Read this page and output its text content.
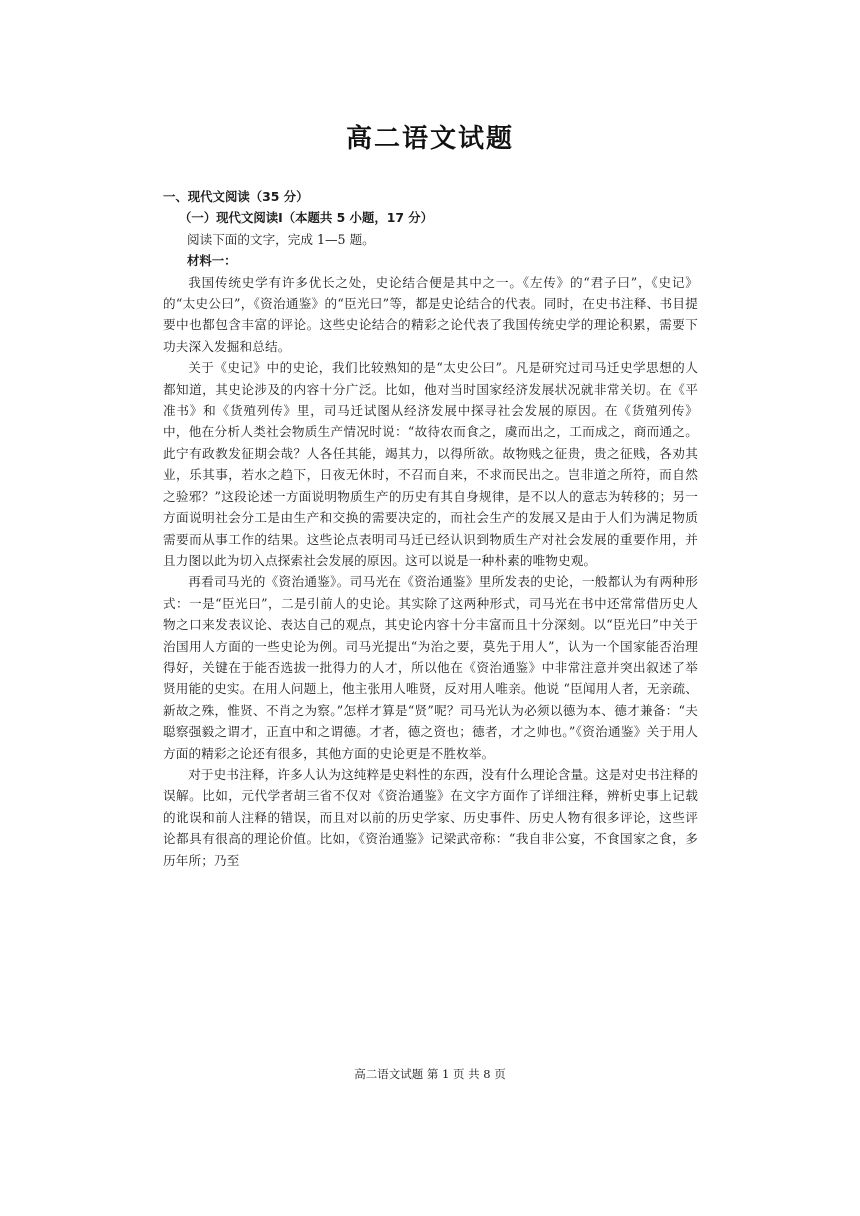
高二语文试题

一、现代文阅读（35 分）

（一）现代文阅读Ⅰ（本题共 5 小题，17 分）

阅读下面的文字，完成 1—5 题。

材料一：

我国传统史学有许多优长之处，史论结合便是其中之一。《左传》的“君子曰”，《史记》的“太史公曰”，《资治通鉴》的“臣光曰”等，都是史论结合的代表。同时，在史书注释、书目提要中也都包含丰富的评论。这些史论结合的精彩之论代表了我国传统史学的理论积累，需要下功夫深入发掘和总结。

关于《史记》中的史论，我们比较熟知的是“太史公曰”。凡是研究过司马迁史学思想的人都知道，其史论涉及的内容十分广泛。比如，他对当时国家经济发展状况就非常关切。在《平准书》和《货殖列传》里，司马迁试图从经济发展中探寻社会发展的原因。在《货殖列传》中，他在分析人类社会物质生产情况时说：“故待农而食之，虞而出之，工而成之，商而通之。此宁有政教发征期会哉？人各任其能，竭其力，以得所欲。故物贱之征贵，贵之征贱，各劝其业，乐其事，若水之趋下，日夜无休时，不召而自来，不求而民出之。岂非道之所符，而自然之验邪？”这段论述一方面说明物质生产的历史有其自身规律，是不以人的意志为转移的；另一方面说明社会分工是由生产和交换的需要决定的，而社会生产的发展又是由于人们为满足物质需要而从事工作的结果。这些论点表明司马迁已经认识到物质生产对社会发展的重要作用，并且力图以此为切入点探索社会发展的原因。这可以说是一种朴素的唯物史观。

再看司马光的《资治通鉴》。司马光在《资治通鉴》里所发表的史论，一般都认为有两种形式：一是“臣光曰”，二是引前人的史论。其实除了这两种形式，司马光在书中还常常借历史人物之口来发表议论、表达自己的观点，其史论内容十分丰富而且十分深刻。以“臣光曰”中关于治国用人方面的一些史论为例。司马光提出“为治之要，莫先于用人”，认为一个国家能否治理得好，关键在于能否选拔一批得力的人才，所以他在《资治通鉴》中非常注意并突出叙述了举贤用能的史实。在用人问题上，他主张用人唯贤，反对用人唯亲。他说 “臣闻用人者，无亲疏、新故之殊，惟贤、不肖之为察。”怎样才算是“贤”呢？司马光认为必须以德为本、德才兼备：“夫聪察强毅之谓才，正直中和之谓德。才者，德之资也；德者，才之帅也。”《资治通鉴》关于用人方面的精彩之论还有很多，其他方面的史论更是不胜枚举。

对于史书注释，许多人认为这纯粹是史料性的东西，没有什么理论含量。这是对史书注释的误解。比如，元代学者胡三省不仅对《资治通鉴》在文字方面作了详细注释，辨析史事上记载的讹误和前人注释的错误，而且对以前的历史学家、历史事件、历史人物有很多评论，这些评论都具有很高的理论价值。比如，《资治通鉴》记梁武帝称：“我自非公宴，不食国家之食，多历年所；乃至

高二语文试题 第 1 页 共 8 页
